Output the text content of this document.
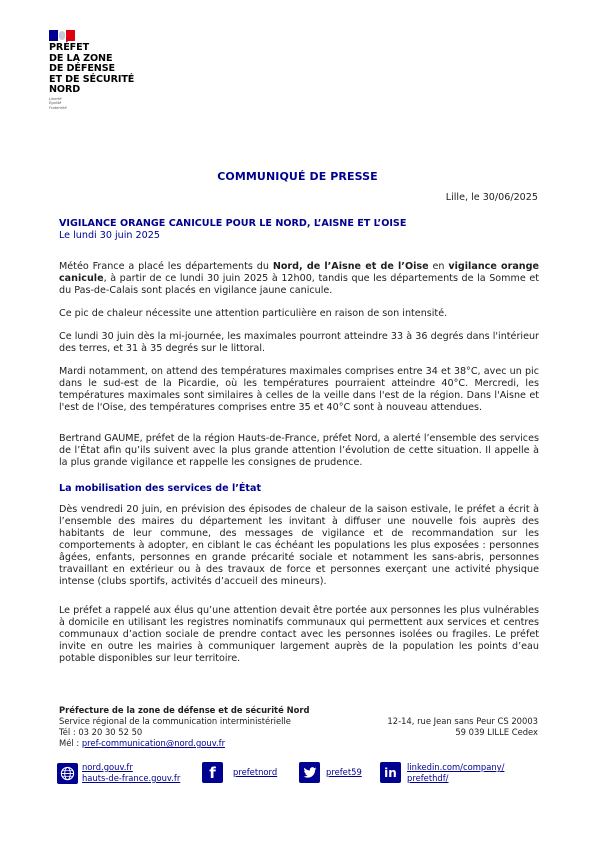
PRÉFET
DE LA ZONE
DE DÉFENSE
ET DE SÉCURITÉ
NORD
Liberté
Égalité
Fraternité
COMMUNIQUÉ DE PRESSE
Lille, le 30/06/2025
VIGILANCE ORANGE CANICULE POUR LE NORD, L’AISNE ET L’OISE
Le lundi 30 juin 2025
Météo France a placé les départements du Nord, de l’Aisne et de l’Oise en vigilance orange canicule, à partir de ce lundi 30 juin 2025 à 12h00, tandis que les départements de la Somme et du Pas-de-Calais sont placés en vigilance jaune canicule.
Ce pic de chaleur nécessite une attention particulière en raison de son intensité.
Ce lundi 30 juin dès la mi-journée, les maximales pourront atteindre 33 à 36 degrés dans l'intérieur des terres, et 31 à 35 degrés sur le littoral.
Mardi notamment, on attend des températures maximales comprises entre 34 et 38°C, avec un pic dans le sud-est de la Picardie, où les températures pourraient atteindre 40°C. Mercredi, les températures maximales sont similaires à celles de la veille dans l'est de la région. Dans l'Aisne et l'est de l'Oise, des températures comprises entre 35 et 40°C sont à nouveau attendues.
Bertrand GAUME, préfet de la région Hauts-de-France, préfet Nord, a alerté l’ensemble des services de l’État afin qu’ils suivent avec la plus grande attention l’évolution de cette situation. Il appelle à la plus grande vigilance et rappelle les consignes de prudence.
La mobilisation des services de l’État
Dès vendredi 20 juin, en prévision des épisodes de chaleur de la saison estivale, le préfet a écrit à l’ensemble des maires du département les invitant à diffuser une nouvelle fois auprès des habitants de leur commune, des messages de vigilance et de recommandation sur les comportements à adopter, en ciblant le cas échéant les populations les plus exposées : personnes âgées, enfants, personnes en grande précarité sociale et notamment les sans-abris, personnes travaillant en extérieur ou à des travaux de force et personnes exerçant une activité physique intense (clubs sportifs, activités d’accueil des mineurs).
Le préfet a rappelé aux élus qu’une attention devait être portée aux personnes les plus vulnérables à domicile en utilisant les registres nominatifs communaux qui permettent aux services et centres communaux d’action sociale de prendre contact avec les personnes isolées ou fragiles. Le préfet invite en outre les mairies à communiquer largement auprès de la population les points d’eau potable disponibles sur leur territoire.
Préfecture de la zone de défense et de sécurité Nord
Service régional de la communication interministérielle
Tél : 03 20 30 52 50
Mél : pref-communication@nord.gouv.fr
12-14, rue Jean sans Peur CS 20003
59 039 LILLE Cedex
nord.gouv.fr
hauts-de-france.gouv.fr	f	prefetnord	prefet59	in	linkedin.com/company/
prefethdf/
